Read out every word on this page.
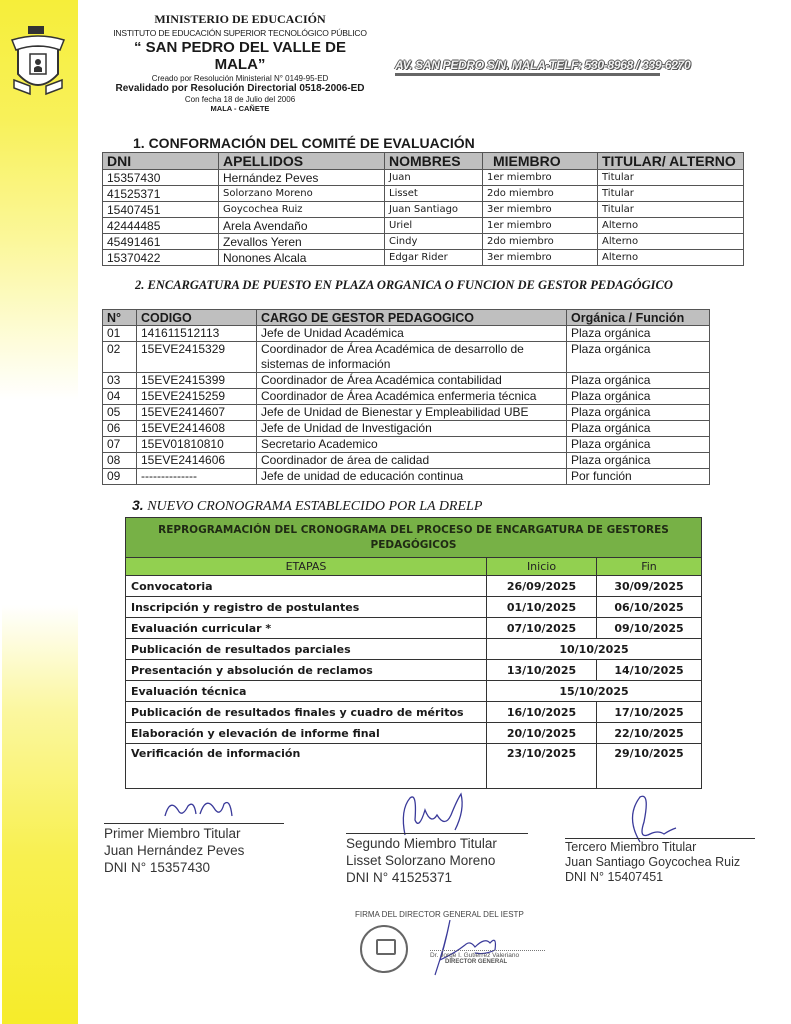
MINISTERIO DE EDUCACIÓN
INSTITUTO DE EDUCACIÓN SUPERIOR TECNOLÓGICO PÚBLICO
“ SAN PEDRO DEL VALLE DE MALA”
Creado por Resolución Ministerial N° 0149-95-ED
Revalidado por Resolución Directorial 0518-2006-ED
Con fecha 18 de Julio del 2006
MALA - CAÑETE
AV. SAN PEDRO S/N. MALA-TELF: 530-8968 / 339-6270
1. CONFORMACIÓN DEL COMITÉ DE EVALUACIÓN
DNI	APELLIDOS	NOMBRES	MIEMBRO	TITULAR/ ALTERNO
15357430	Hernández Peves	Juan	1er miembro	Titular
41525371	Solorzano Moreno	Lisset	2do miembro	Titular
15407451	Goycochea Ruiz	Juan Santiago	3er miembro	Titular
42444485	Arela Avendaño	Uriel	1er miembro	Alterno
45491461	Zevallos Yeren	Cindy	2do miembro	Alterno
15370422	Nonones Alcala	Edgar Rider	3er miembro	Alterno
2. ENCARGATURA DE PUESTO EN PLAZA ORGANICA O FUNCION DE GESTOR PEDAGÓGICO
N°	CODIGO	CARGO DE GESTOR PEDAGOGICO	Orgánica / Función
01	141611512113	Jefe de Unidad Académica	Plaza orgánica
02	15EVE2415329	Coordinador de Área Académica de desarrollo de sistemas de información	Plaza orgánica
03	15EVE2415399	Coordinador de Área Académica contabilidad	Plaza orgánica
04	15EVE2415259	Coordinador de Área Académica enfermeria técnica	Plaza orgánica
05	15EVE2414607	Jefe de Unidad de Bienestar y Empleabilidad UBE	Plaza orgánica
06	15EVE2414608	Jefe de Unidad de Investigación	Plaza orgánica
07	15EV01810810	Secretario Academico	Plaza orgánica
08	15EVE2414606	Coordinador de área de calidad	Plaza orgánica
09	--------------	Jefe de unidad de educación continua	Por función
3. NUEVO CRONOGRAMA ESTABLECIDO POR LA DRELP
REPROGRAMACIÓN DEL CRONOGRAMA DEL PROCESO DE ENCARGATURA DE GESTORES PEDAGÓGICOS		
ETAPAS	Inicio	Fin
Convocatoria	26/09/2025	30/09/2025
Inscripción y registro de postulantes	01/10/2025	06/10/2025
Evaluación curricular *	07/10/2025	09/10/2025
Publicación de resultados parciales	10/10/2025	
Presentación y absolución de reclamos	13/10/2025	14/10/2025
Evaluación técnica	15/10/2025	
Publicación de resultados finales y cuadro de méritos	16/10/2025	17/10/2025
Elaboración y elevación de informe final	20/10/2025	22/10/2025
Verificación de información	23/10/2025	29/10/2025
Primer Miembro Titular
Juan Hernández Peves
DNI N° 15357430
Segundo Miembro Titular
Lisset Solorzano Moreno
DNI N° 41525371
Tercero Miembro Titular
Juan Santiago Goycochea Ruiz
DNI N° 15407451
FIRMA DEL DIRECTOR GENERAL DEL IESTP
Dr. Jorge I. Gutiérrez Valeriano
DIRECTOR GENERAL
